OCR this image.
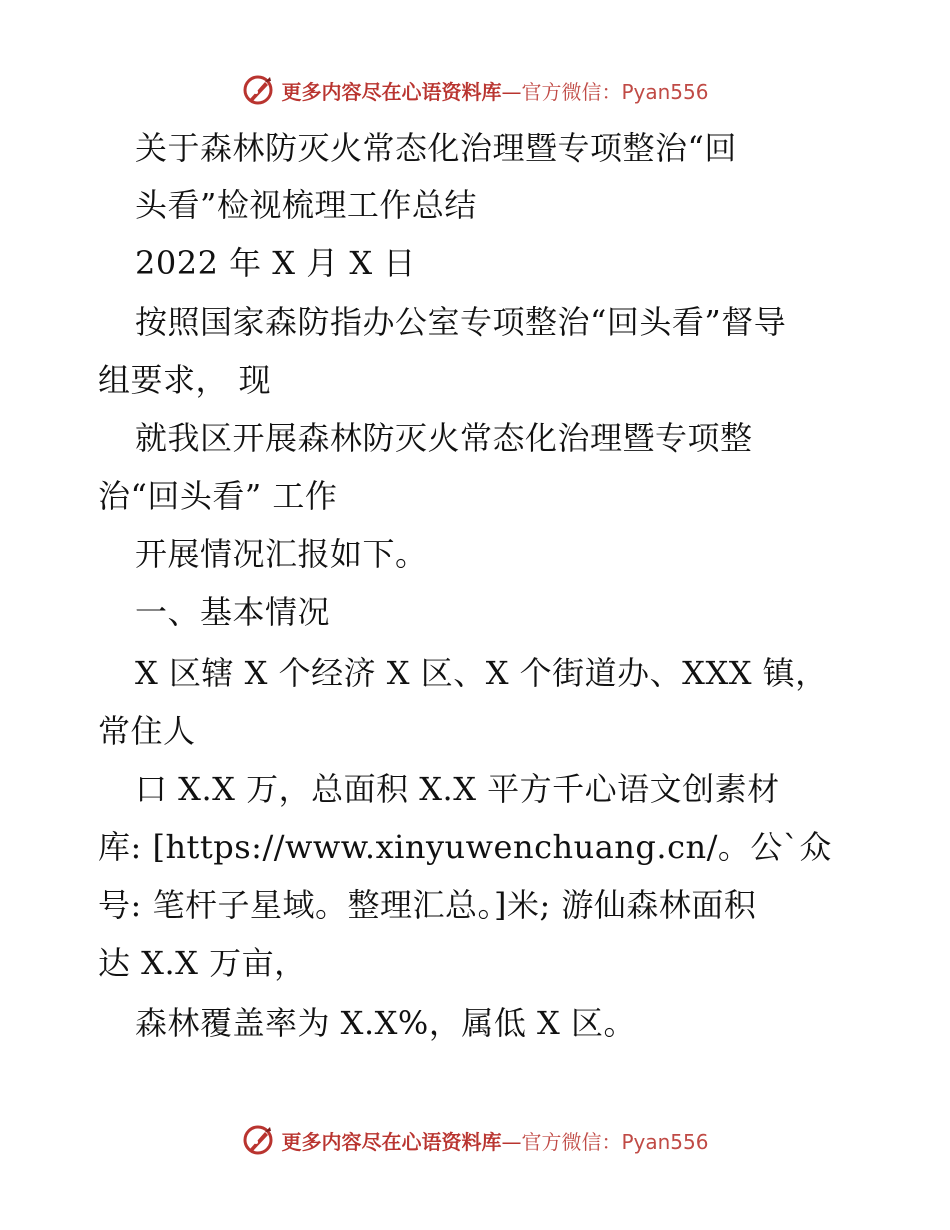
更多内容尽在心语资料库—官方微信：Pyan556
关于森林防灭火常态化治理暨专项整治“回
头看”检视梳理工作总结
2022 年 X 月 X 日
按照国家森防指办公室专项整治“回头看”督导
组要求， 现
就我区开展森林防灭火常态化治理暨专项整
治“回头看” 工作
开展情况汇报如下。
一、基本情况
X 区辖 X 个经济 X 区、X 个街道办、XXX 镇，
常住人
口 X.X 万，总面积 X.X 平方千心语文创素材
库: [https://www.xinyuwenchuang.cn/。公`众
号: 笔杆子星域。整理汇总。]米; 游仙森林面积
达 X.X 万亩，
森林覆盖率为 X.X%，属低 X 区。
更多内容尽在心语资料库—官方微信：Pyan556
